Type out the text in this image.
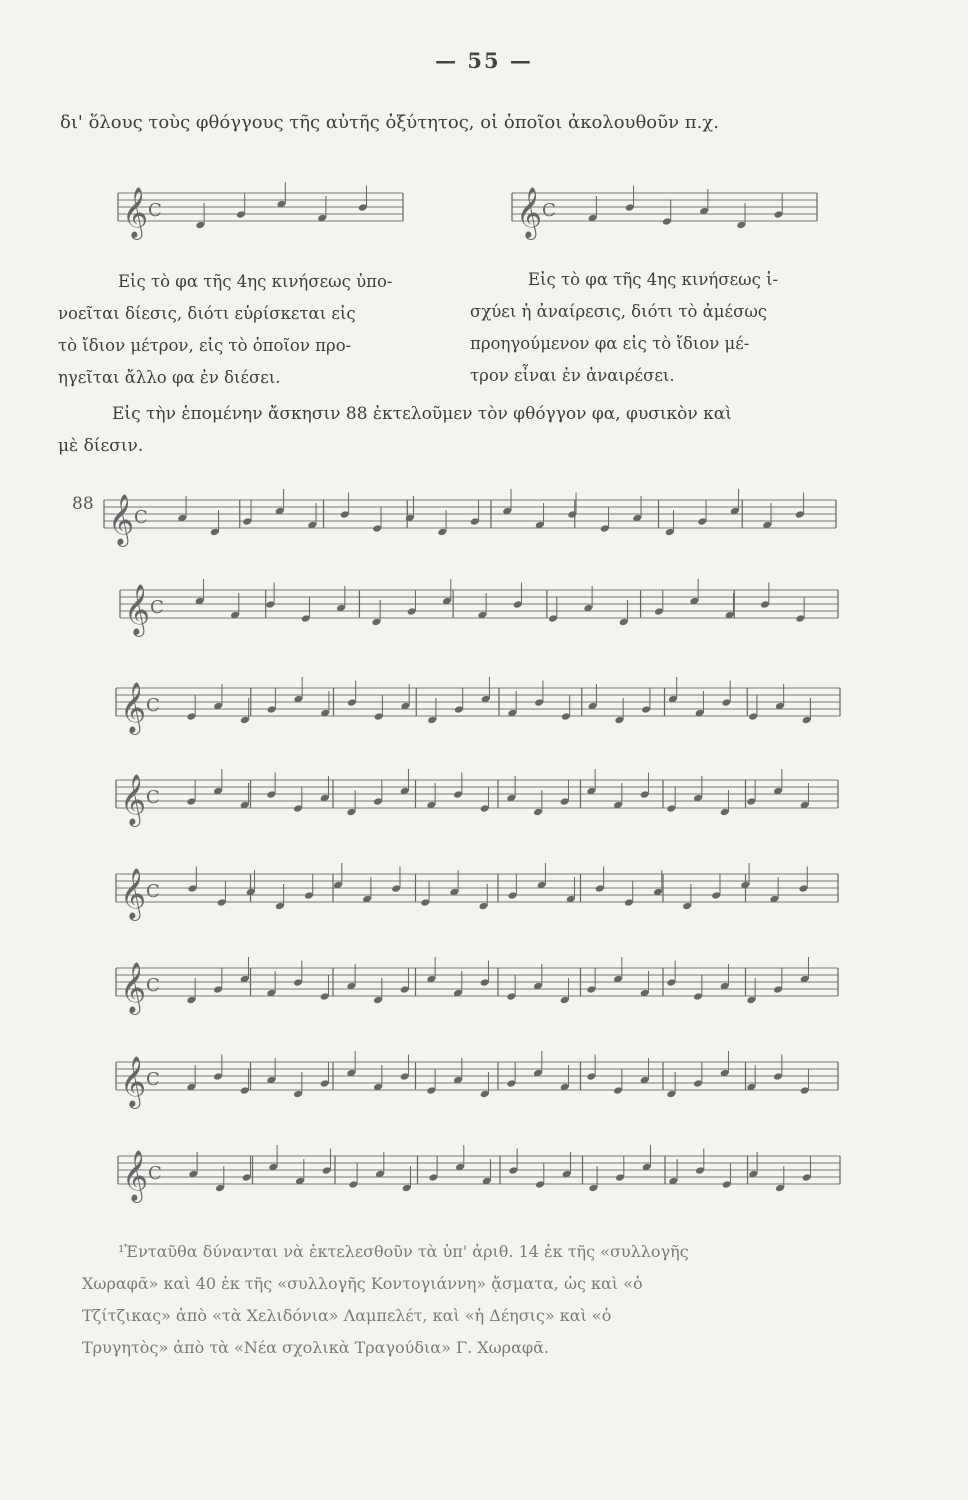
— 55 —
δι' ὅλους τοὺς φθόγγους τῆς αὐτῆς ὀξύτητος, οἱ ὁποῖοι ἀκολουθοῦν π.χ.
𝄞 C	𝄞 C
Εἰς τὸ φα τῆς 4ης κινήσεως ὑπο-
νοεῖται δίεσις, διότι εὑρίσκεται εἰς
τὸ ἴδιον μέτρον, εἰς τὸ ὁποῖον προ-
ηγεῖται ἄλλο φα ἐν διέσει.
Εἰς τὸ φα τῆς 4ης κινήσεως ἰ-
σχύει ἡ ἀναίρεσις, διότι τὸ ἀμέσως
προηγούμενον φα εἰς τὸ ἴδιον μέ-
τρον εἶναι ἐν ἀναιρέσει.
Εἰς τὴν ἑπομένην ἄσκησιν 88 ἐκτελοῦμεν τὸν φθόγγον φα, φυσικὸν καὶ
μὲ δίεσιν.
88 𝄞 C
𝄞 C
𝄞 C
𝄞 C
𝄞 C
𝄞 C
𝄞 C
𝄞 C
¹Ἐνταῦθα δύνανται νὰ ἐκτελεσθοῦν τὰ ὑπ' ἀριθ. 14 ἐκ τῆς «συλλογῆς
Χωραφᾶ» καὶ 40 ἐκ τῆς «συλλογῆς Κοντογιάννη» ᾄσματα, ὡς καὶ «ὁ
Τζίτζικας» ἀπὸ «τὰ Χελιδόνια» Λαμπελέτ, καὶ «ἡ Δέησις» καὶ «ὁ
Τρυγητὸς» ἀπὸ τὰ «Νέα σχολικὰ Τραγούδια» Γ. Χωραφᾶ.
